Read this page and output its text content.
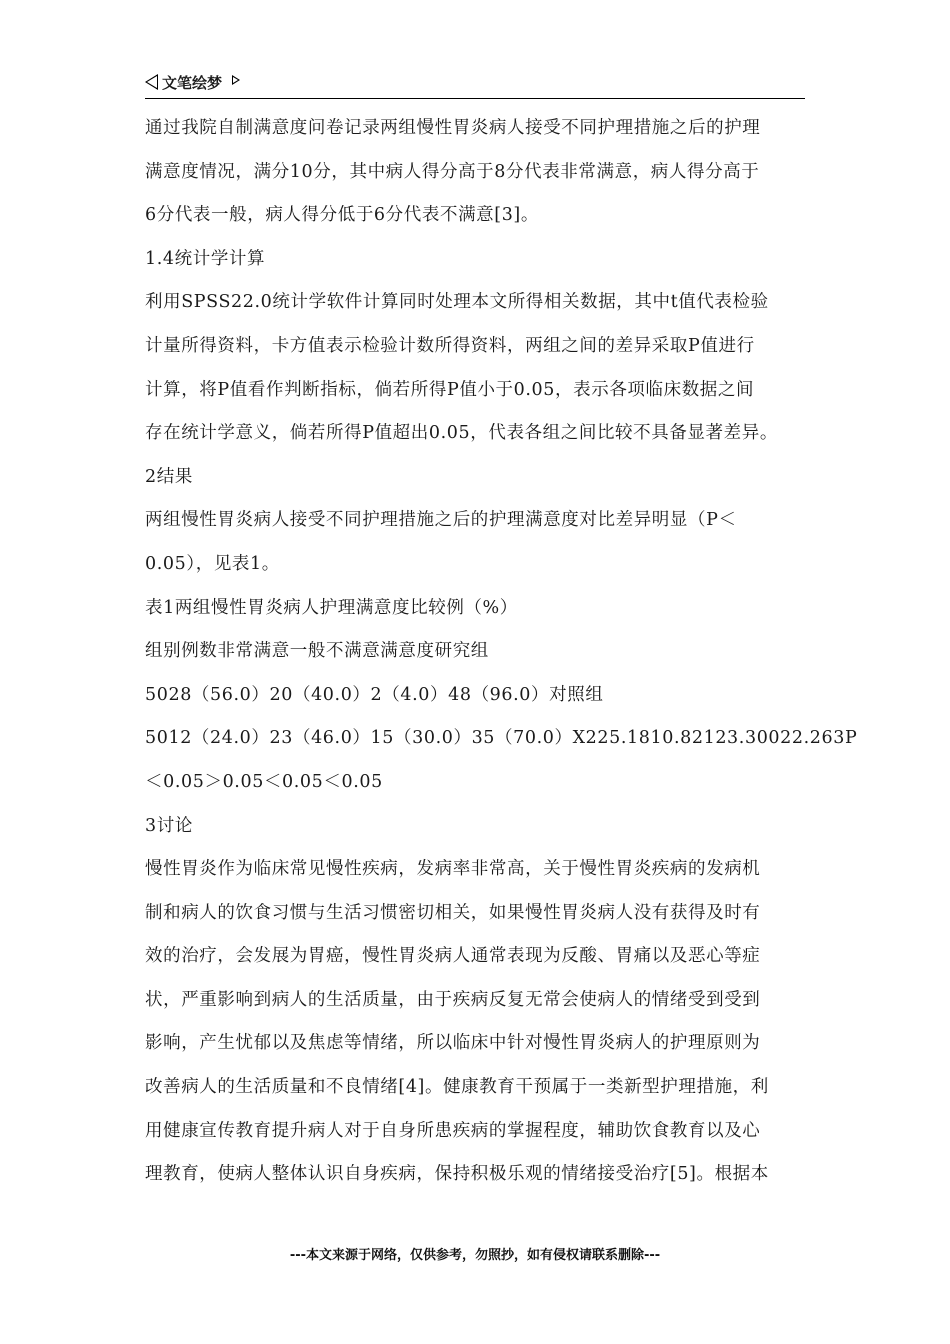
文笔绘梦
通过我院自制满意度问卷记录两组慢性胃炎病人接受不同护理措施之后的护理
满意度情况，满分10分，其中病人得分高于8分代表非常满意，病人得分高于
6分代表一般，病人得分低于6分代表不满意[3]。
1.4统计学计算
利用SPSS22.0统计学软件计算同时处理本文所得相关数据，其中t值代表检验
计量所得资料，卡方值表示检验计数所得资料，两组之间的差异采取P值进行
计算，将P值看作判断指标，倘若所得P值小于0.05，表示各项临床数据之间
存在统计学意义，倘若所得P值超出0.05，代表各组之间比较不具备显著差异。
2结果
两组慢性胃炎病人接受不同护理措施之后的护理满意度对比差异明显（P＜
0.05），见表1。
表1两组慢性胃炎病人护理满意度比较例（%）
组别例数非常满意一般不满意满意度研究组
5028（56.0）20（40.0）2（4.0）48（96.0）对照组
5012（24.0）23（46.0）15（30.0）35（70.0）X225.1810.82123.30022.263P
＜0.05＞0.05＜0.05＜0.05
3讨论
慢性胃炎作为临床常见慢性疾病，发病率非常高，关于慢性胃炎疾病的发病机
制和病人的饮食习惯与生活习惯密切相关，如果慢性胃炎病人没有获得及时有
效的治疗，会发展为胃癌，慢性胃炎病人通常表现为反酸、胃痛以及恶心等症
状，严重影响到病人的生活质量，由于疾病反复无常会使病人的情绪受到受到
影响，产生忧郁以及焦虑等情绪，所以临床中针对慢性胃炎病人的护理原则为
改善病人的生活质量和不良情绪[4]。健康教育干预属于一类新型护理措施，利
用健康宣传教育提升病人对于自身所患疾病的掌握程度，辅助饮食教育以及心
理教育，使病人整体认识自身疾病，保持积极乐观的情绪接受治疗[5]。根据本
---本文来源于网络，仅供参考，勿照抄，如有侵权请联系删除---
